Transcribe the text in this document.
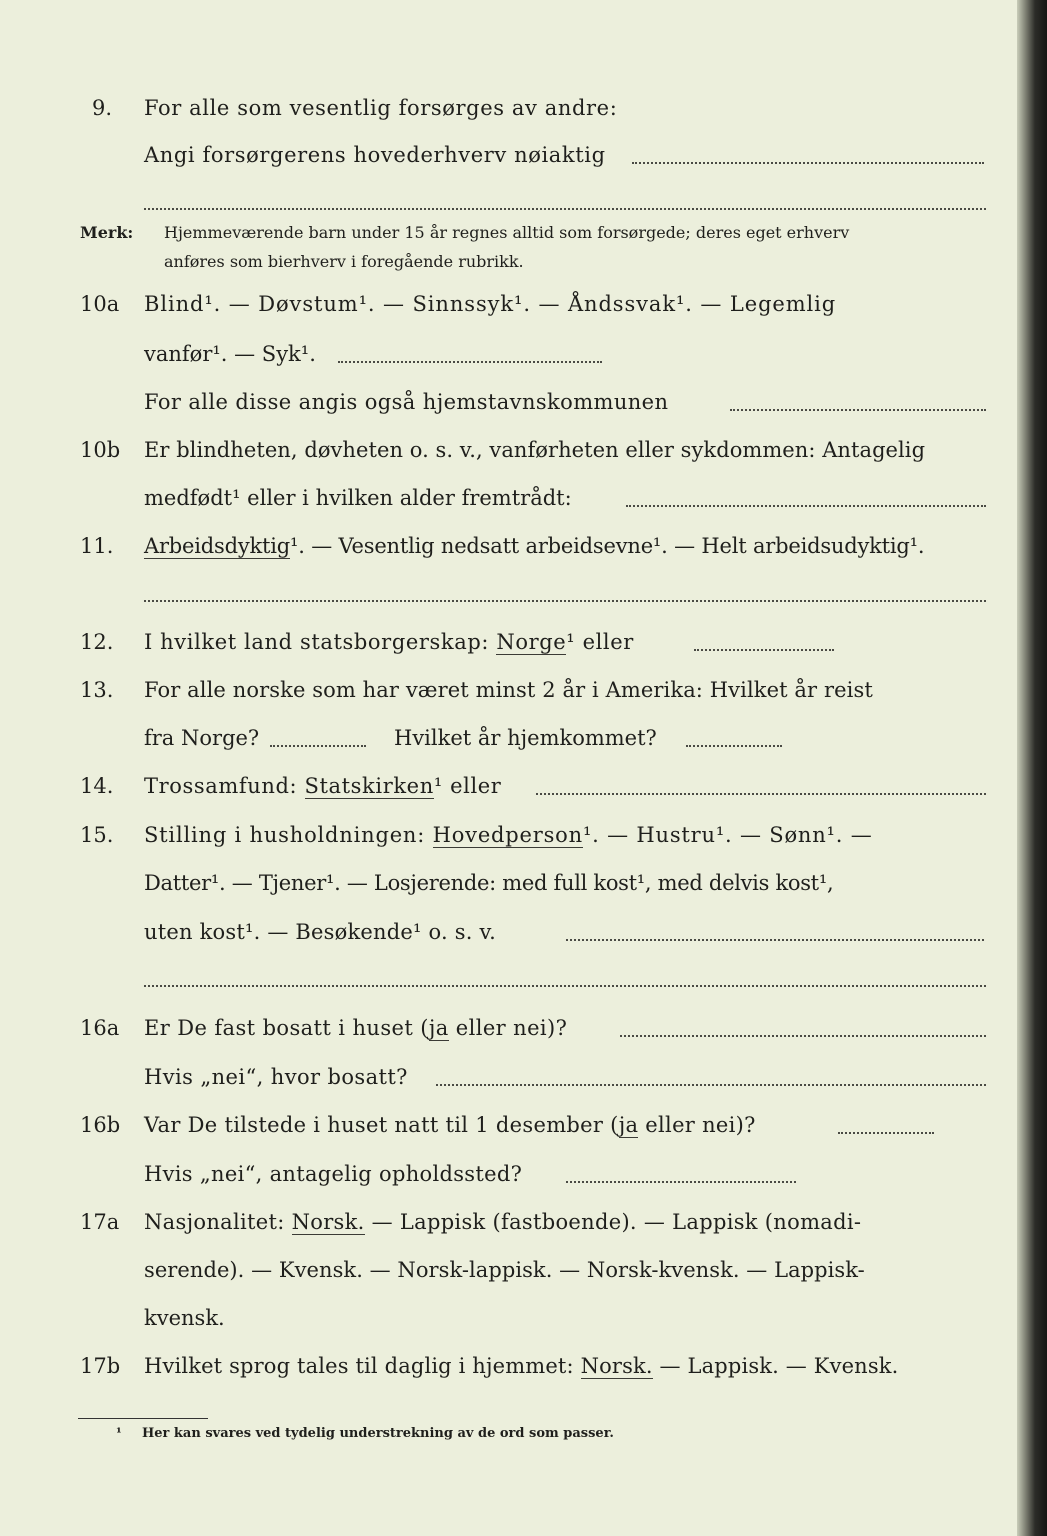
9. For alle som vesentlig forsørges av andre:
Angi forsørgerens hovederhverv nøiaktig
Merk: Hjemmeværende barn under 15 år regnes alltid som forsørgede; deres eget erhverv
anføres som bierhverv i foregående rubrikk.
10a Blind¹. — Døvstum¹. — Sinnssyk¹. — Åndssvak¹. — Legemlig
vanfør¹. — Syk¹.
For alle disse angis også hjemstavnskommunen
10b Er blindheten, døvheten o. s. v., vanførheten eller sykdommen: Antagelig
medfødt¹ eller i hvilken alder fremtrådt:
11. Arbeidsdyktig¹. — Vesentlig nedsatt arbeidsevne¹. — Helt arbeidsudyktig¹.
12. I hvilket land statsborgerskap: Norge¹ eller
13. For alle norske som har været minst 2 år i Amerika: Hvilket år reist
fra Norge?	Hvilket år hjemkommet?
14. Trossamfund: Statskirken¹ eller
15. Stilling i husholdningen: Hovedperson¹. — Hustru¹. — Sønn¹. —
Datter¹. — Tjener¹. — Losjerende: med full kost¹, med delvis kost¹,
uten kost¹. — Besøkende¹ o. s. v.
16a Er De fast bosatt i huset (ja eller nei)?
Hvis „nei“, hvor bosatt?
16b Var De tilstede i huset natt til 1 desember (ja eller nei)?
Hvis „nei“, antagelig opholdssted?
17a Nasjonalitet: Norsk. — Lappisk (fastboende). — Lappisk (nomadi-
serende). — Kvensk. — Norsk-lappisk. — Norsk-kvensk. — Lappisk-
kvensk.
17b Hvilket sprog tales til daglig i hjemmet: Norsk. — Lappisk. — Kvensk.
¹ Her kan svares ved tydelig understrekning av de ord som passer.
